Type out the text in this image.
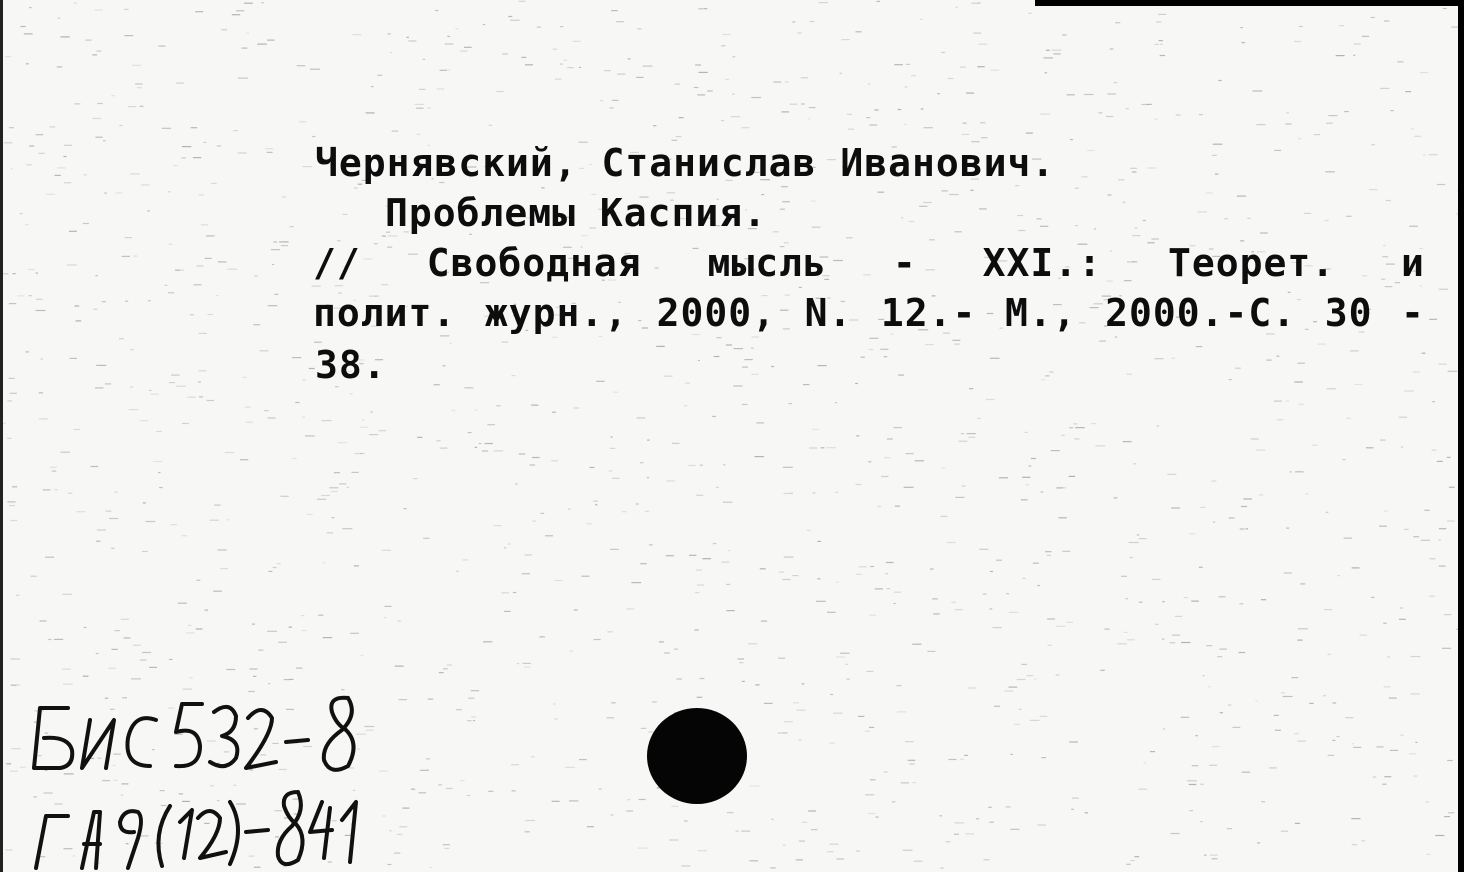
Чернявский, Станислав Иванович.
Проблемы Каспия.
// Свободная мысль - XXI.: Теорет. и
полит. журн., 2000, N. 12.- М., 2000.-С. 30 -
38.
